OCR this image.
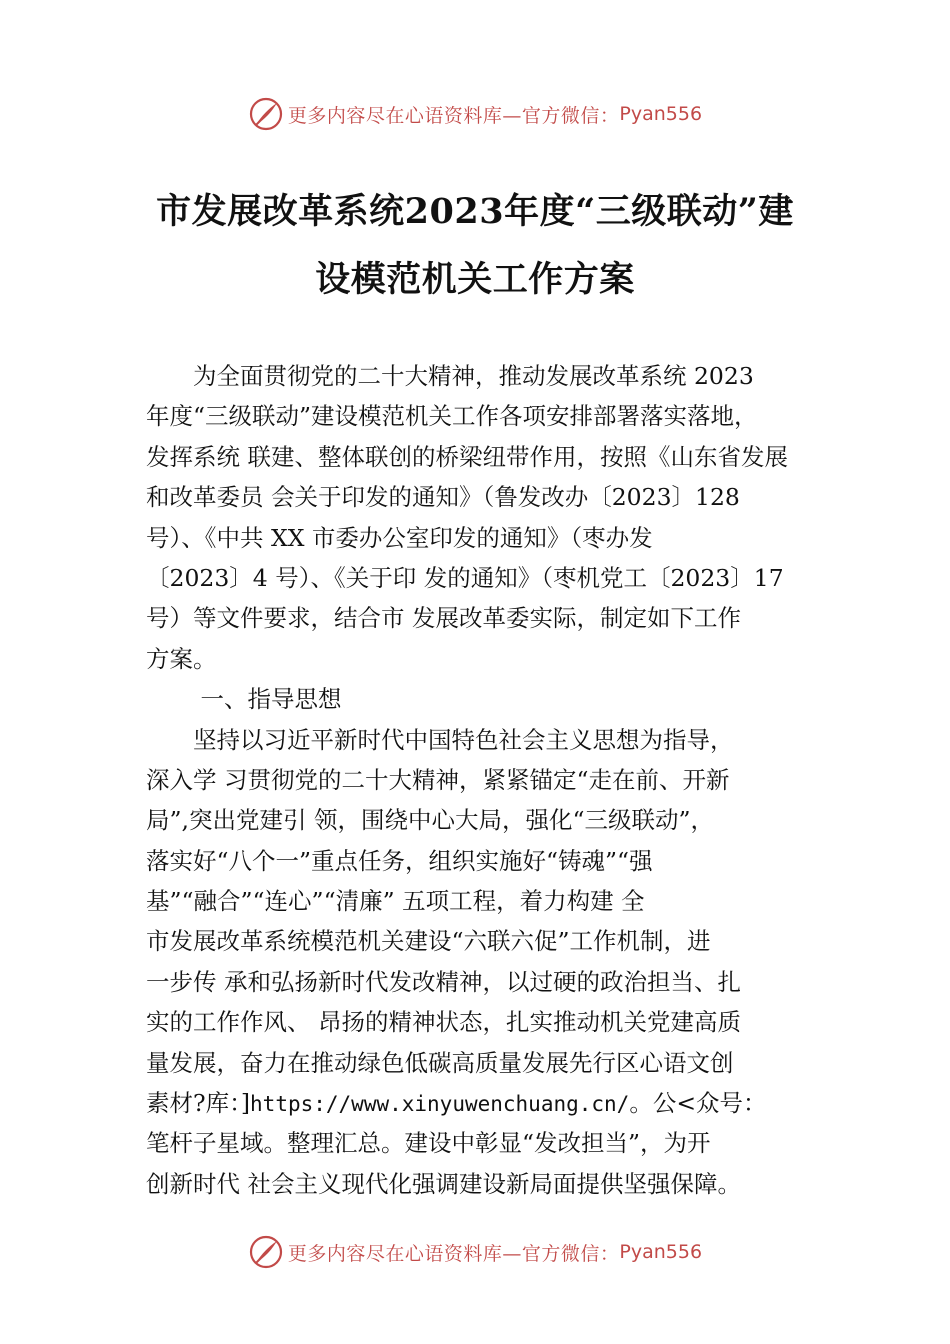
更多内容尽在心语资料库—官方微信： Pyan556
市发展改革系统2023年度“三级联动”建
设模范机关工作方案
　　为全面贯彻党的二十大精神，推动发展改革系统 2023
年度“三级联动”建设模范机关工作各项安排部署落实落地，
发挥系统 联建、整体联创的桥梁纽带作用，按照《山东省发展
和改革委员 会关于印发的通知》（鲁发改办〔2023〕128
号）、《中共 XX 市委办公室印发的通知》（枣办发
〔2023〕4 号）、《关于印 发的通知》（枣机党工〔2023〕17
号）等文件要求，结合市 发展改革委实际，制定如下工作
方案。
　　 一、指导思想
　　坚持以习近平新时代中国特色社会主义思想为指导，
深入学 习贯彻党的二十大精神，紧紧锚定“走在前、开新
局”,突出党建引 领，围绕中心大局，强化“三级联动”，
落实好“八个一”重点任务，组织实施好“铸魂”“强
基”“融合”“连心”“清廉” 五项工程，着力构建 全
市发展改革系统模范机关建设“六联六促”工作机制，进
一步传 承和弘扬新时代发改精神，以过硬的政治担当、扎
实的工作作风、 昂扬的精神状态，扎实推动机关党建高质
量发展，奋力在推动绿色低碳高质量发展先行区心语文创
素材?库：]https://www.xinyuwenchuang.cn/。公<众号：
笔杆子星域。整理汇总。建设中彰显“发改担当”，为开
创新时代 社会主义现代化强调建设新局面提供坚强保障。
更多内容尽在心语资料库—官方微信： Pyan556
